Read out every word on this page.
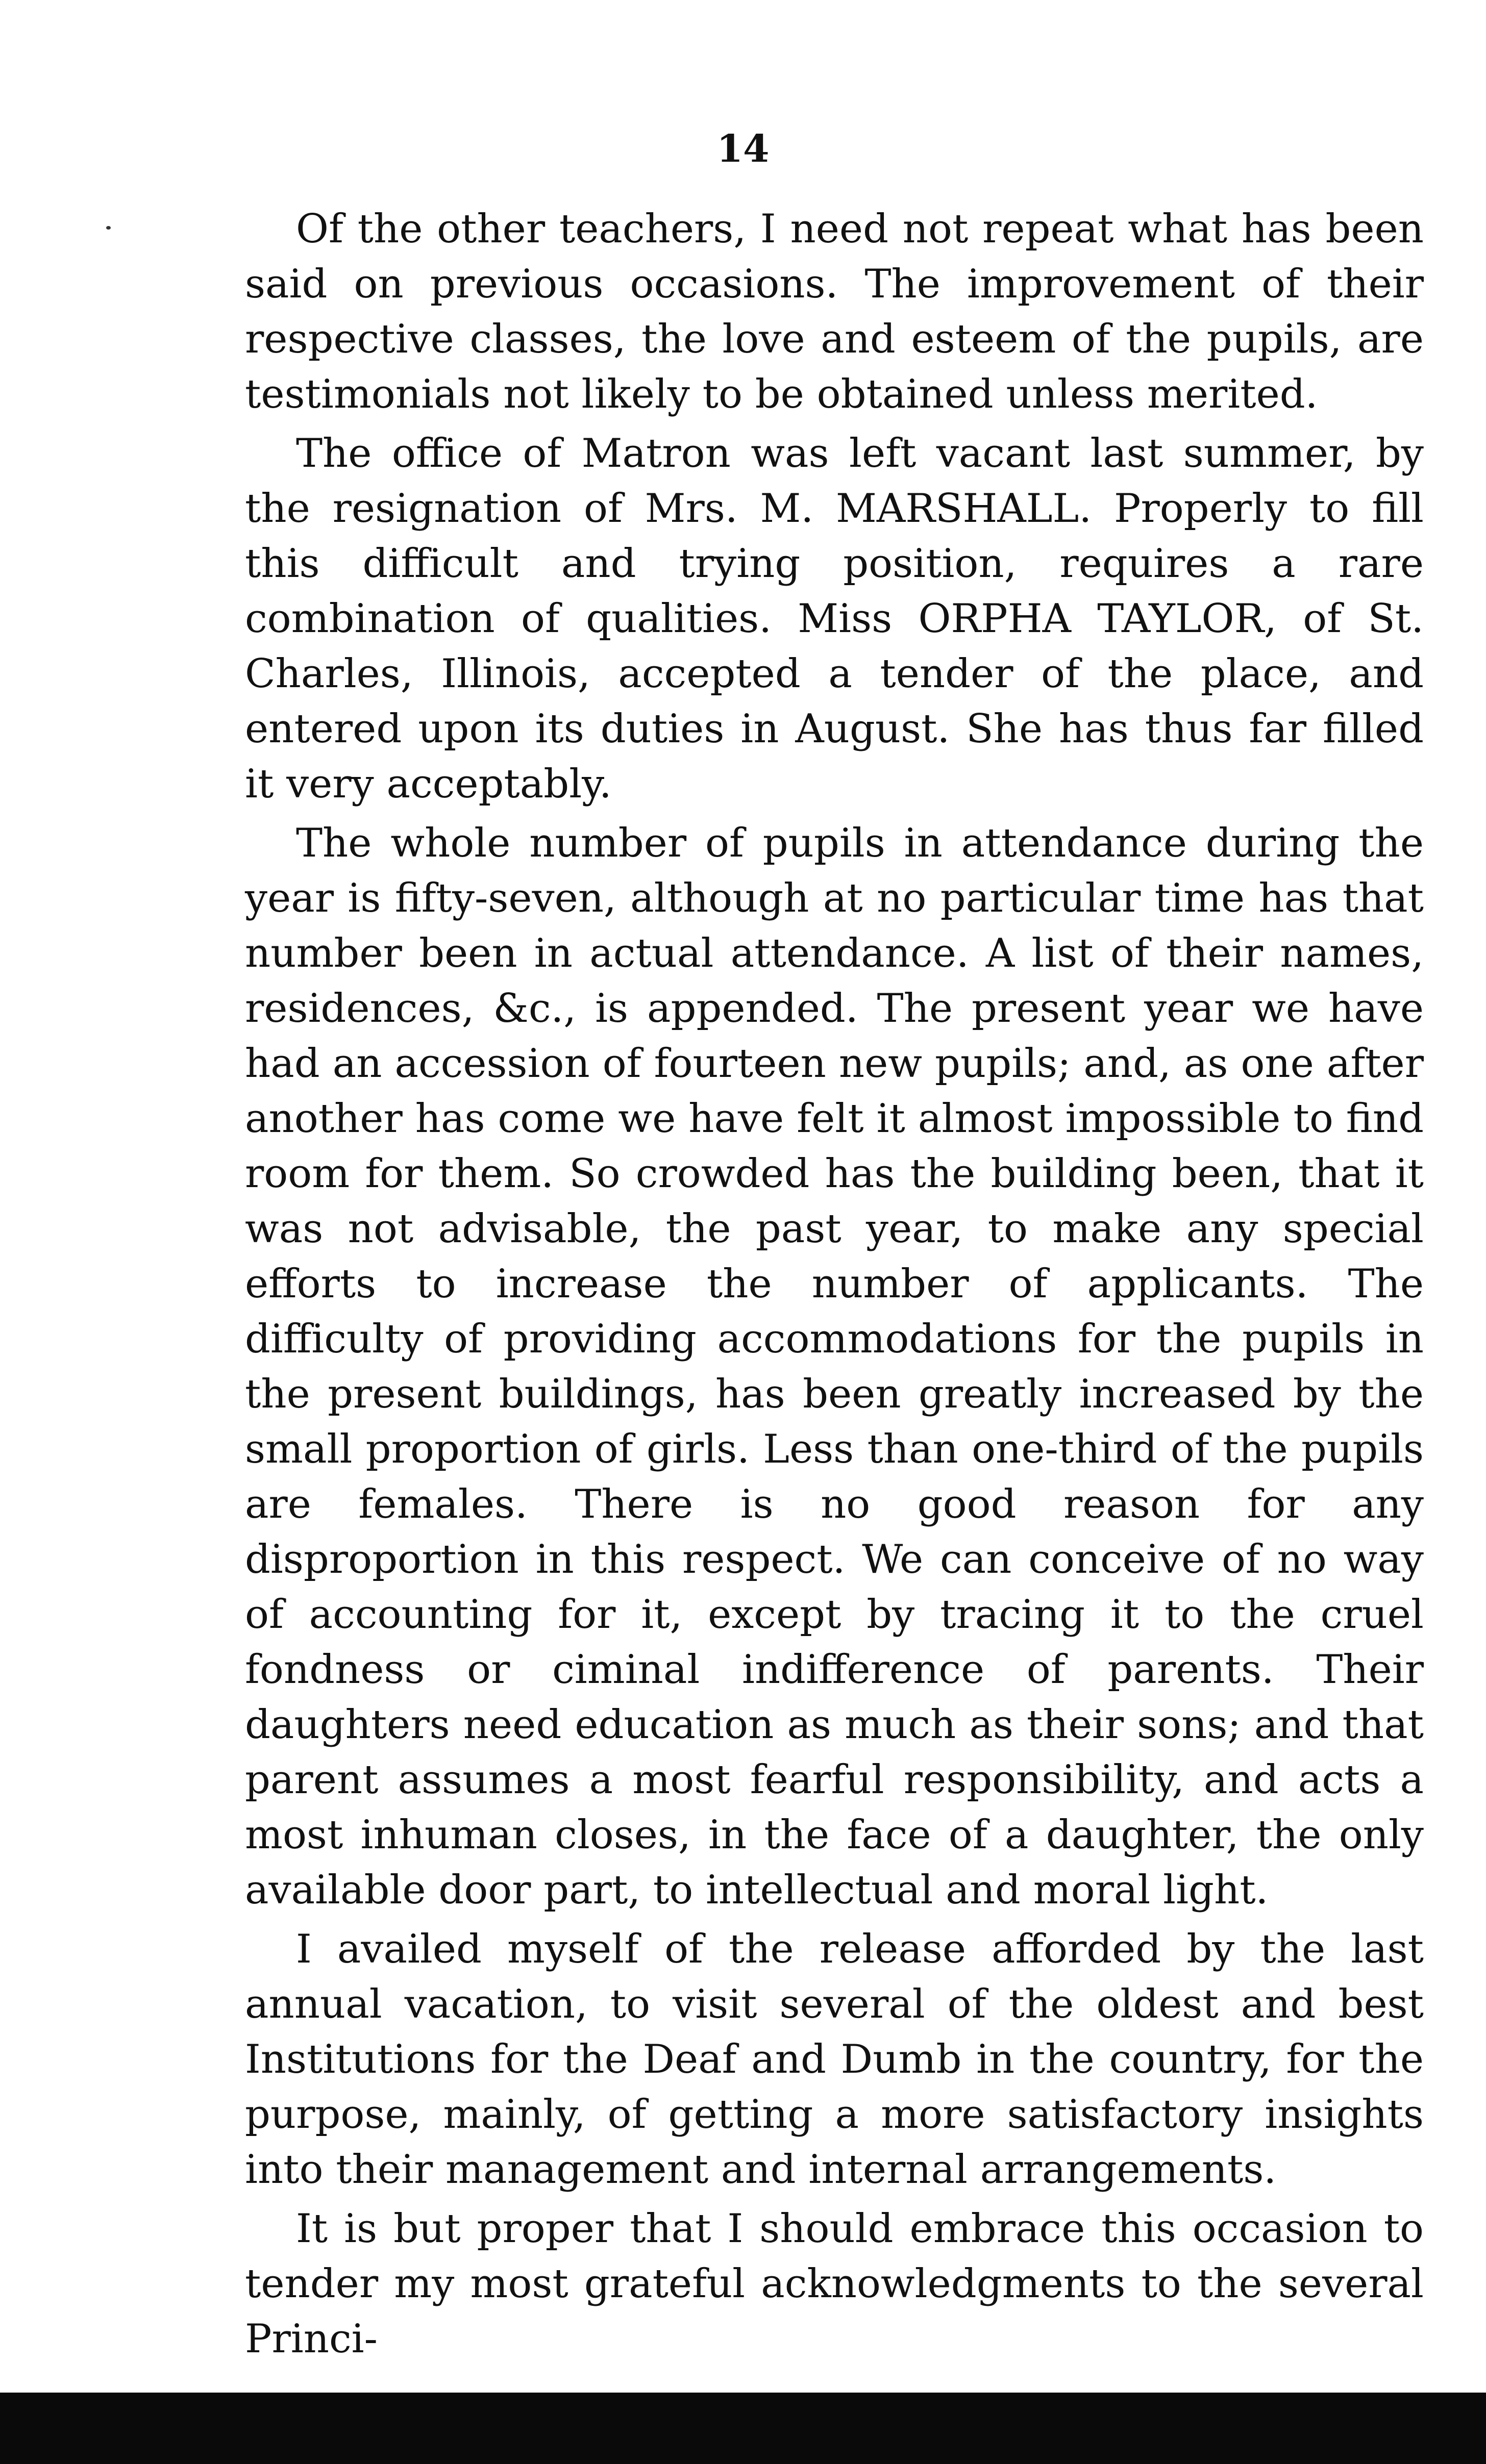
14

Of the other teachers, I need not repeat what has been said on previous occasions. The improvement of their respective classes, the love and esteem of the pupils, are testimonials not likely to be obtained unless merited.

The office of Matron was left vacant last summer, by the resignation of Mrs. M. MARSHALL. Properly to fill this difficult and trying position, requires a rare combination of qualities. Miss ORPHA TAYLOR, of St. Charles, Illinois, accepted a tender of the place, and entered upon its duties in August. She has thus far filled it very acceptably.

The whole number of pupils in attendance during the year is fifty-seven, although at no particular time has that number been in actual attendance. A list of their names, residences, &c., is appended. The present year we have had an accession of fourteen new pupils; and, as one after another has come we have felt it almost impossible to find room for them. So crowded has the building been, that it was not advisable, the past year, to make any special efforts to increase the number of applicants. The difficulty of providing accommodations for the pupils in the present buildings, has been greatly increased by the small proportion of girls. Less than one-third of the pupils are females. There is no good reason for any disproportion in this respect. We can conceive of no way of accounting for it, except by tracing it to the cruel fondness or ciminal indifference of parents. Their daughters need education as much as their sons; and that parent assumes a most fearful responsibility, and acts a most inhuman closes, in the face of a daughter, the only available door part, to intellectual and moral light.

I availed myself of the release afforded by the last annual vacation, to visit several of the oldest and best Institutions for the Deaf and Dumb in the country, for the purpose, mainly, of getting a more satisfactory insights into their management and internal arrangements.

It is but proper that I should embrace this occasion to tender my most grateful acknowledgments to the several Princi-
